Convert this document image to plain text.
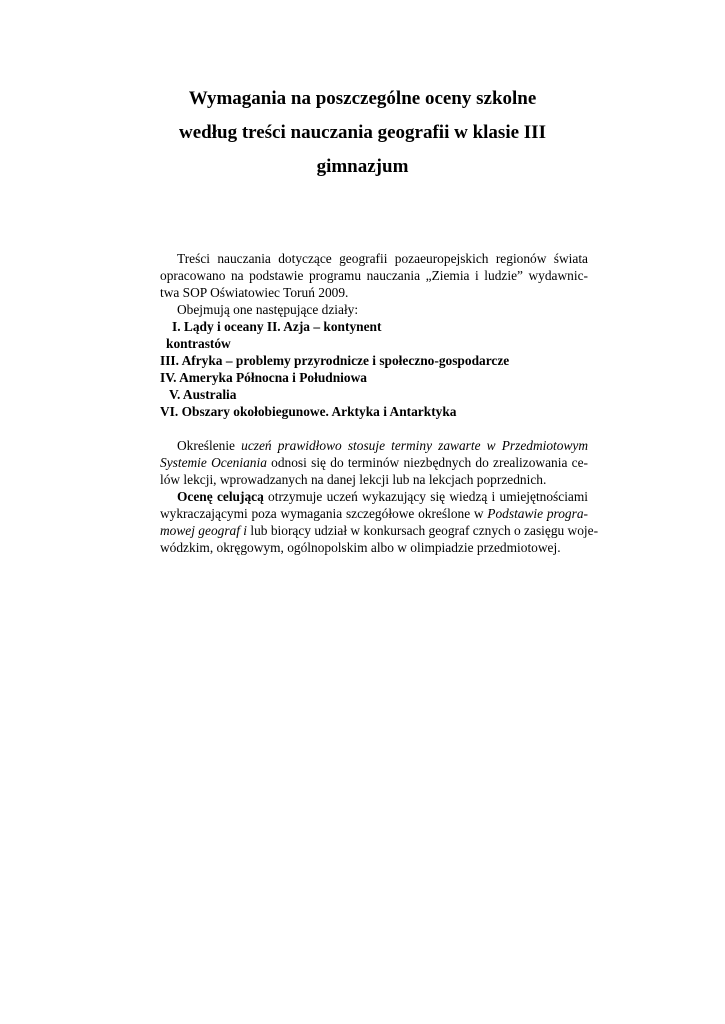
Wymagania na poszczególne oceny szkolne
według treści nauczania geografii w klasie III
gimnazjum

Treści nauczania dotyczące geografii pozaeuropejskich regionów świata
opracowano na podstawie programu nauczania „Ziemia i ludzie” wydawnic-
twa SOP Oświatowiec Toruń 2009.
Obejmują one następujące działy:

I. Lądy i oceany II. Azja – kontynent
kontrastów
III. Afryka – problemy przyrodnicze i społeczno-gospodarcze
IV. Ameryka Północna i Południowa
V. Australia
VI. Obszary okołobiegunowe. Arktyka i Antarktyka

Określenie uczeń prawidłowo stosuje terminy zawarte w Przedmiotowym
Systemie Oceniania odnosi się do terminów niezbędnych do zrealizowania ce-
lów lekcji, wprowadzanych na danej lekcji lub na lekcjach poprzednich.

Ocenę celującą otrzymuje uczeń wykazujący się wiedzą i umiejętnościami
wykraczającymi poza wymagania szczegółowe określone w Podstawie progra-
mowej geograf i lub biorący udział w konkursach geograf cznych o zasięgu woje-
wódzkim, okręgowym, ogólnopolskim albo w olimpiadzie przedmiotowej.
